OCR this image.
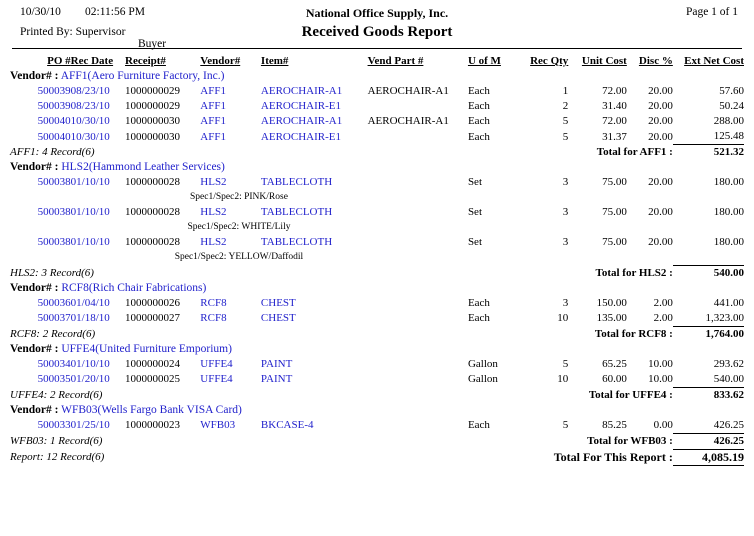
10/30/10 02:11:56 PM	National Office Supply, Inc.	Page 1 of 1
Printed By: Supervisor	Received Goods Report
Buyer
PO #	Rec Date	Receipt#	Vendor#	Item#	Vend Part #	U of M	Rec Qty	Unit Cost	Disc %	Ext Net Cost
Vendor# : AFF1(Aero Furniture Factory, Inc.)										
500039	08/23/10	1000000029	AFF1	AEROCHAIR-A1	AEROCHAIR-A1	Each	1	72.00	20.00	57.60
500039	08/23/10	1000000029	AFF1	AEROCHAIR-E1		Each	2	31.40	20.00	50.24
500040	10/30/10	1000000030	AFF1	AEROCHAIR-A1	AEROCHAIR-A1	Each	5	72.00	20.00	288.00
500040	10/30/10	1000000030	AFF1	AEROCHAIR-E1		Each	5	31.37	20.00	125.48
AFF1: 4 Record(6)				Total for AFF1 :						521.32
Vendor# : HLS2(Hammond Leather Services)										
500038	01/10/10	1000000028	HLS2	TABLECLOTH		Set	3	75.00	20.00	180.00
Spec1/Spec2: PINK/Rose										
500038	01/10/10	1000000028	HLS2	TABLECLOTH		Set	3	75.00	20.00	180.00
Spec1/Spec2: WHITE/Lily										
500038	01/10/10	1000000028	HLS2	TABLECLOTH		Set	3	75.00	20.00	180.00
Spec1/Spec2: YELLOW/Daffodil										
HLS2: 3 Record(6)				Total for HLS2 :						540.00
Vendor# : RCF8(Rich Chair Fabrications)										
500036	01/04/10	1000000026	RCF8	CHEST		Each	3	150.00	2.00	441.00
500037	01/18/10	1000000027	RCF8	CHEST		Each	10	135.00	2.00	1,323.00
RCF8: 2 Record(6)				Total for RCF8 :						1,764.00
Vendor# : UFFE4(United Furniture Emporium)										
500034	01/10/10	1000000024	UFFE4	PAINT		Gallon	5	65.25	10.00	293.62
500035	01/20/10	1000000025	UFFE4	PAINT		Gallon	10	60.00	10.00	540.00
UFFE4: 2 Record(6)				Total for UFFE4 :						833.62
Vendor# : WFB03(Wells Fargo Bank VISA Card)										
500033	01/25/10	1000000023	WFB03	BKCASE-4		Each	5	85.25	0.00	426.25
WFB03: 1 Record(6)				Total for WFB03 :						426.25
Report: 12 Record(6)				Total For This Report :						4,085.19
